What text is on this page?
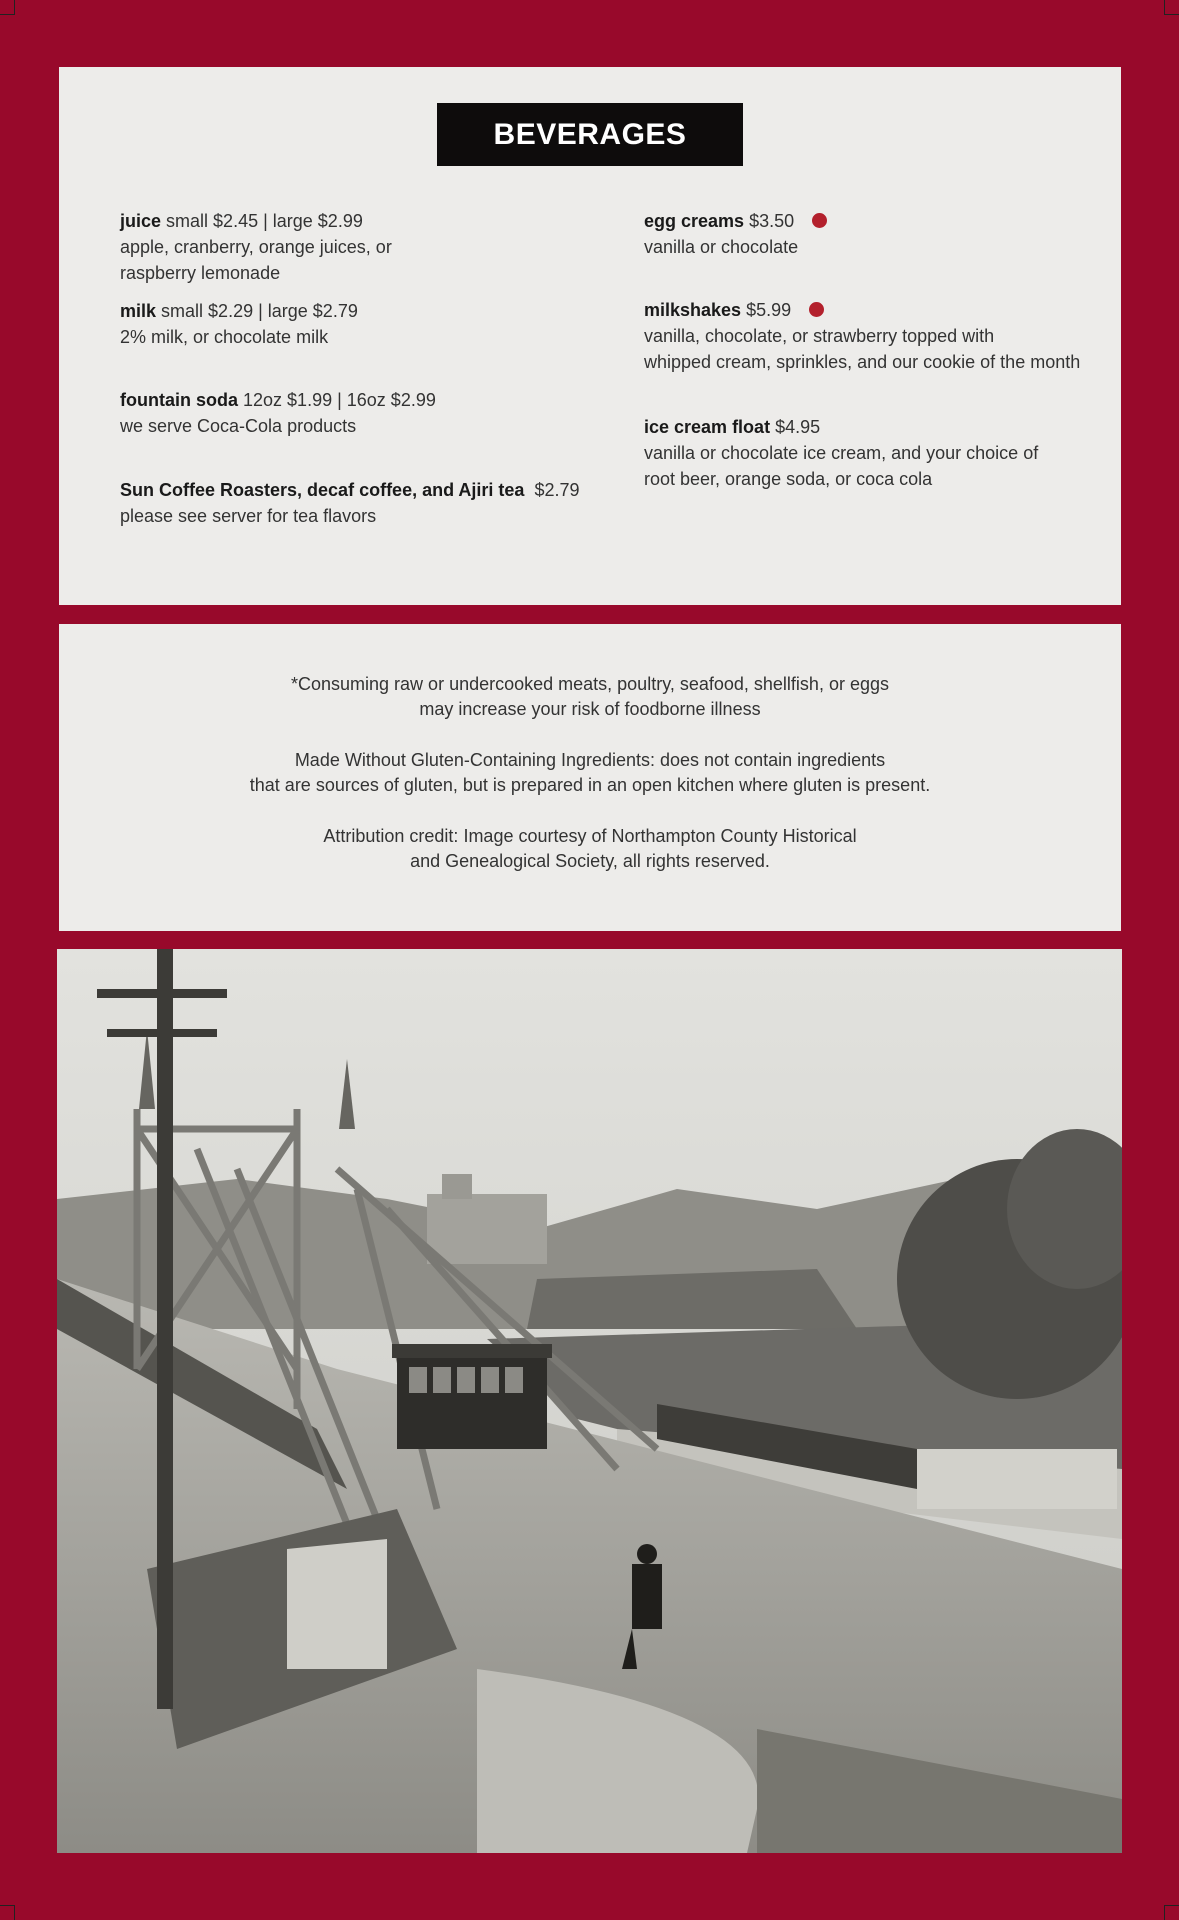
BEVERAGES
juice small $2.45 | large $2.99
apple, cranberry, orange juices, or
raspberry lemonade
milk small $2.29 | large $2.79
2% milk, or chocolate milk
fountain soda 12oz $1.99 | 16oz $2.99
we serve Coca-Cola products
Sun Coffee Roasters, decaf coffee, and Ajiri tea $2.79
please see server for tea flavors
egg creams $3.50
vanilla or chocolate
milkshakes $5.99
vanilla, chocolate, or strawberry topped with
whipped cream, sprinkles, and our cookie of the month
ice cream float $4.95
vanilla or chocolate ice cream, and your choice of
root beer, orange soda, or coca cola

*Consuming raw or undercooked meats, poultry, seafood, shellfish, or eggs
may increase your risk of foodborne illness

Made Without Gluten-Containing Ingredients: does not contain ingredients
that are sources of gluten, but is prepared in an open kitchen where gluten is present.

Attribution credit: Image courtesy of Northampton County Historical
and Genealogical Society, all rights reserved.
